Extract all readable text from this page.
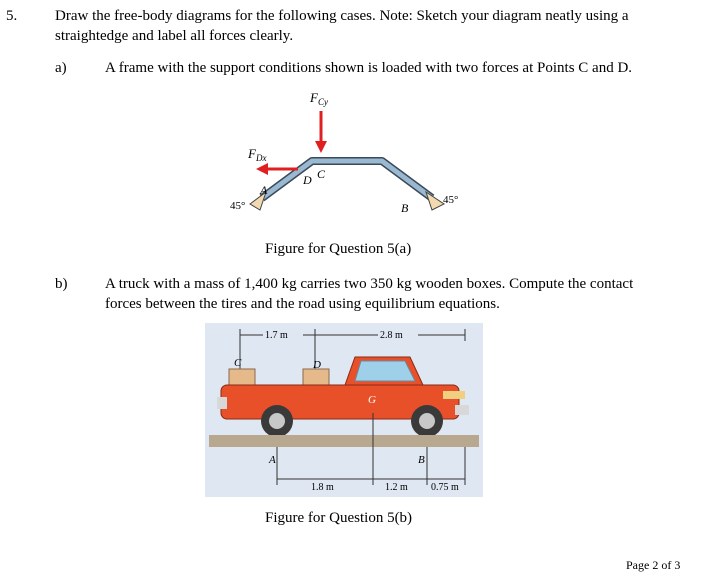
5.	Draw the free-body diagrams for the following cases. Note: Sketch your diagram neatly using a
straightedge and label all forces clearly.
a)	A frame with the support conditions shown is loaded with two forces at Points C and D.
$F_{Cy}$
$F_{Dx}$
C
D
A
B
45°	45°
Figure for Question 5(a)
b)	A truck with a mass of 1,400 kg carries two 350 kg wooden boxes. Compute the contact
forces between the tires and the road using equilibrium equations.
1.7 m	2.8 m
C	D
G
A	B
1.8 m	1.2 m 0.75 m
Figure for Question 5(b)
Page 2 of 3
